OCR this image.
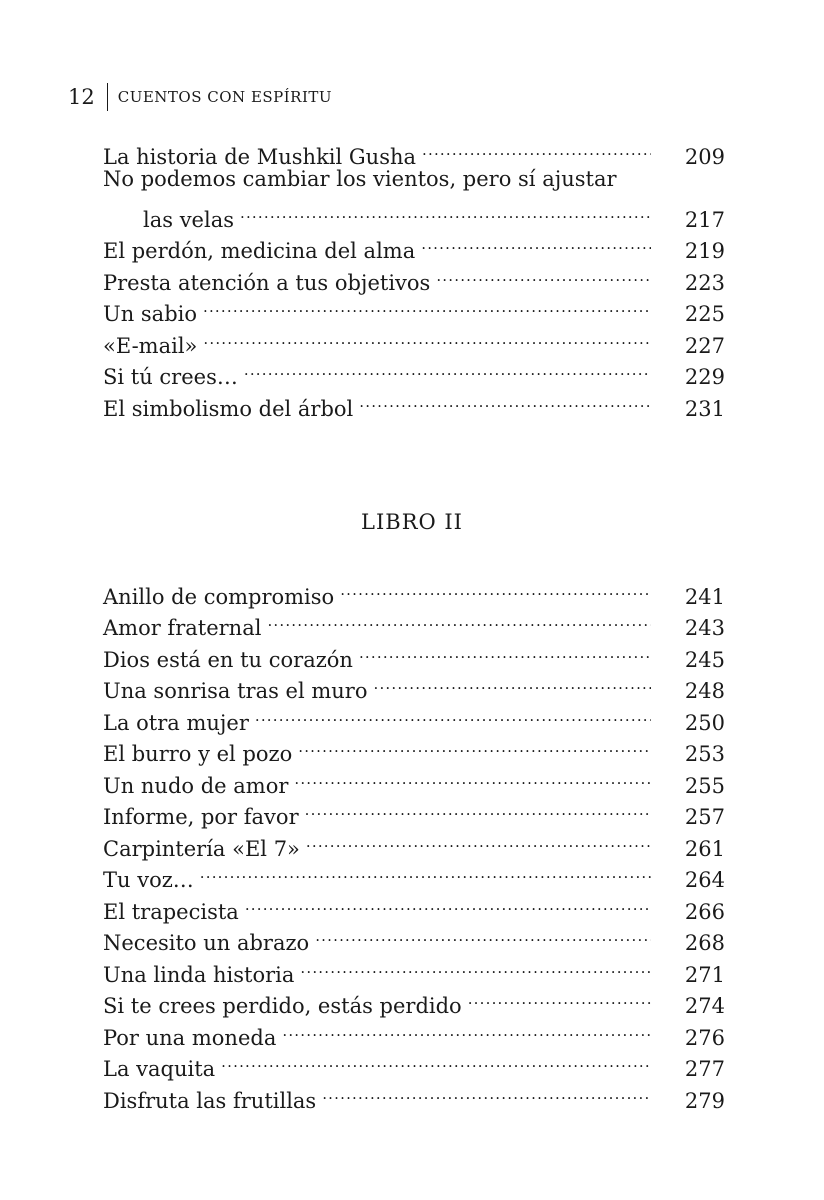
12 CUENTOS CON ESPÍRITU
La historia de Mushkil Gusha .....	209
No podemos cambiar los vientos, pero sí ajustar
las velas .....	217
El perdón, medicina del alma .....	219
Presta atención a tus objetivos .....	223
Un sabio .....	225
«E-mail» .....	227
Si tú crees… .....	229
El simbolismo del árbol .....	231
LIBRO II
Anillo de compromiso .....	241
Amor fraternal .....	243
Dios está en tu corazón .....	245
Una sonrisa tras el muro .....	248
La otra mujer .....	250
El burro y el pozo .....	253
Un nudo de amor .....	255
Informe, por favor .....	257
Carpintería «El 7» .....	261
Tu voz… .....	264
El trapecista .....	266
Necesito un abrazo .....	268
Una linda historia .....	271
Si te crees perdido, estás perdido .....	274
Por una moneda .....	276
La vaquita .....	277
Disfruta las frutillas .....	279
